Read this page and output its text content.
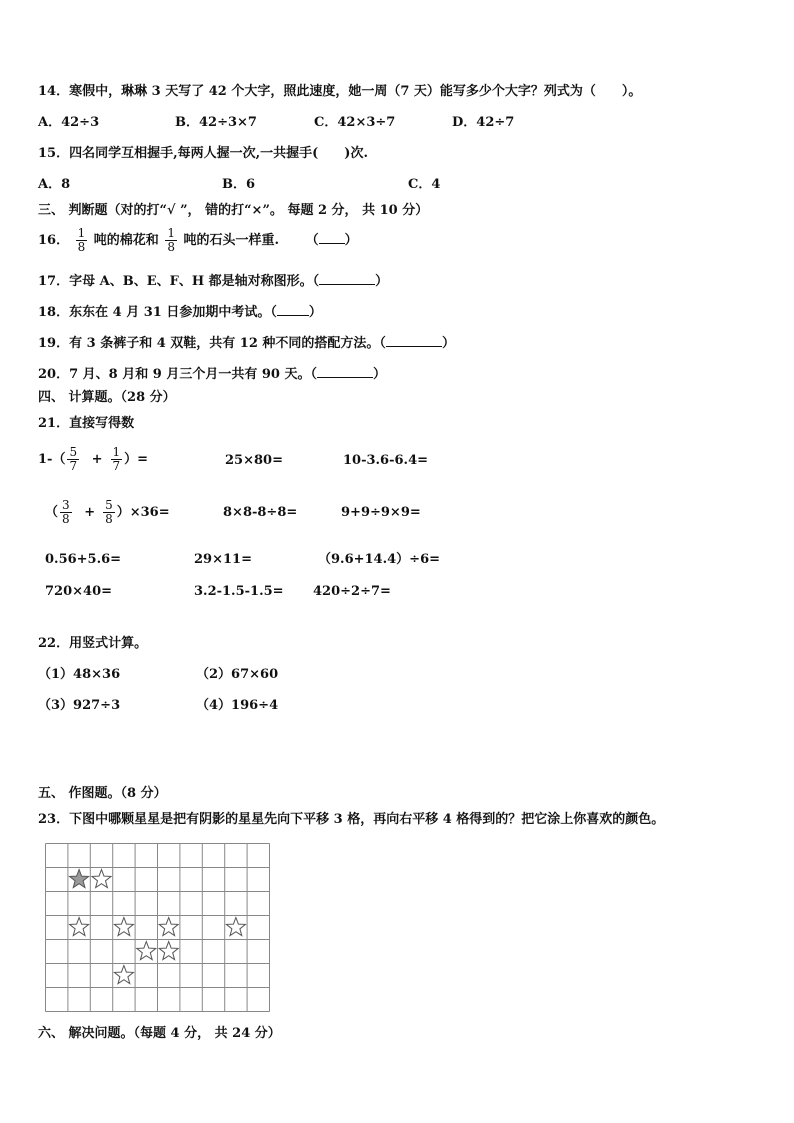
14．寒假中，琳琳 3 天写了 42 个大字，照此速度，她一周（7 天）能写多少个大字？列式为（　　）。
A．42÷3	B．42÷3×7	C．42×3÷7	D．42÷7
15．四名同学互相握手,每两人握一次,一共握手(　　)次.
A．8	B．6	C．4
三、 判断题（对的打“√ ”， 错的打“×”。 每题 2 分， 共 10 分）
16． $\frac{1}{8}$ 吨的棉花和 $\frac{1}{8}$ 吨的石头一样重. （ ）
17．字母 A、B、E、F、H 都是轴对称图形。（	）
18．东东在 4 月 31 日参加期中考试。（ ）
19．有 3 条裤子和 4 双鞋，共有 12 种不同的搭配方法。（	）
20．7 月、8 月和 9 月三个月一共有 90 天。（	）
四、 计算题。（28 分）
21．直接写得数
$1-( \frac{5}{7} + \frac{1}{7}$ ）=	25×80=	10-3.6-6.4=
（ $\frac{3}{8} + \frac{5}{8} )\times 36=$	8×8-8÷8=	9+9÷9×9=
0.56+5.6=	29×11=	（9.6+14.4）÷6=
720×40=	3.2-1.5-1.5= 420÷2÷7=
22．用竖式计算。
（1）48×36	（2）67×60
（3）927÷3	（4）196÷4
五、 作图题。（8 分）
23．下图中哪颗星星是把有阴影的星星先向下平移 3 格，再向右平移 4 格得到的？把它涂上你喜欢的颜色。
六、 解决问题。（每题 4 分， 共 24 分）
